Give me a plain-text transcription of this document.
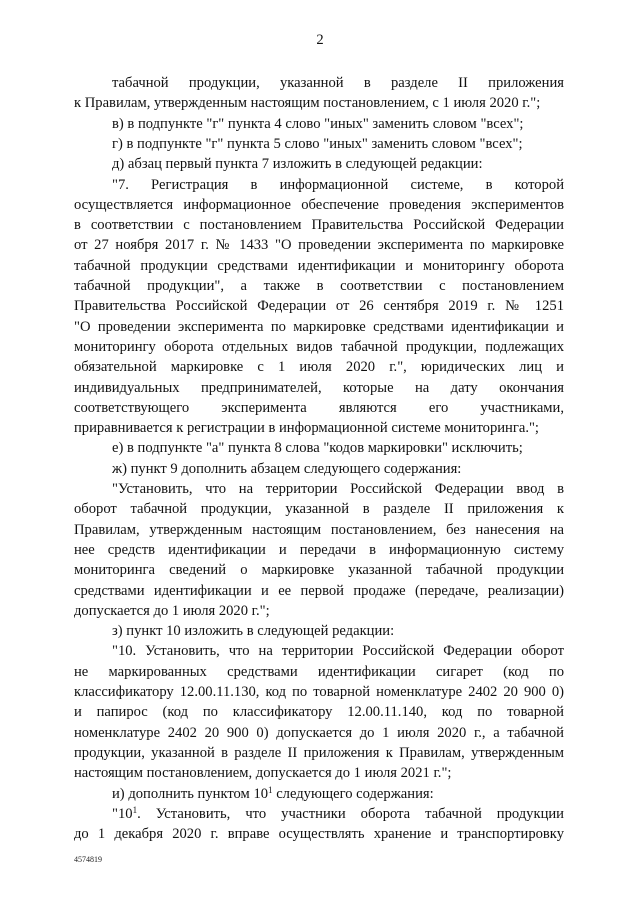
2
табачной продукции, указанной в разделе II приложения
к Правилам, утвержденным настоящим постановлением, с 1 июля 2020 г.";
в) в подпункте "г" пункта 4 слово "иных" заменить словом "всех";
г) в подпункте "г" пункта 5 слово "иных" заменить словом "всех";
д) абзац первый пункта 7 изложить в следующей редакции:
"7. Регистрация в информационной системе, в которой
осуществляется информационное обеспечение проведения экспериментов
в соответствии с постановлением Правительства Российской Федерации
от 27 ноября 2017 г. № 1433 "О проведении эксперимента по маркировке
табачной продукции средствами идентификации и мониторингу оборота
табачной продукции", а также в соответствии с постановлением
Правительства Российской Федерации от 26 сентября 2019 г. № 1251
"О проведении эксперимента по маркировке средствами идентификации и
мониторингу оборота отдельных видов табачной продукции, подлежащих
обязательной маркировке с 1 июля 2020 г.", юридических лиц и
индивидуальных предпринимателей, которые на дату окончания
соответствующего эксперимента являются его участниками,
приравнивается к регистрации в информационной системе мониторинга.";
е) в подпункте "а" пункта 8 слова "кодов маркировки" исключить;
ж) пункт 9 дополнить абзацем следующего содержания:
"Установить, что на территории Российской Федерации ввод в
оборот табачной продукции, указанной в разделе II приложения к
Правилам, утвержденным настоящим постановлением, без нанесения на
нее средств идентификации и передачи в информационную систему
мониторинга сведений о маркировке указанной табачной продукции
средствами идентификации и ее первой продаже (передаче, реализации)
допускается до 1 июля 2020 г.";
з) пункт 10 изложить в следующей редакции:
"10. Установить, что на территории Российской Федерации оборот
не маркированных средствами идентификации сигарет (код по
классификатору 12.00.11.130, код по товарной номенклатуре 2402 20 900 0)
и папирос (код по классификатору 12.00.11.140, код по товарной
номенклатуре 2402 20 900 0) допускается до 1 июля 2020 г., а табачной
продукции, указанной в разделе II приложения к Правилам, утвержденным
настоящим постановлением, допускается до 1 июля 2021 г.";
и) дополнить пунктом $10^1$ следующего содержания:
"$10^1$. Установить, что участники оборота табачной продукции
до 1 декабря 2020 г. вправе осуществлять хранение и транспортировку
4574819
